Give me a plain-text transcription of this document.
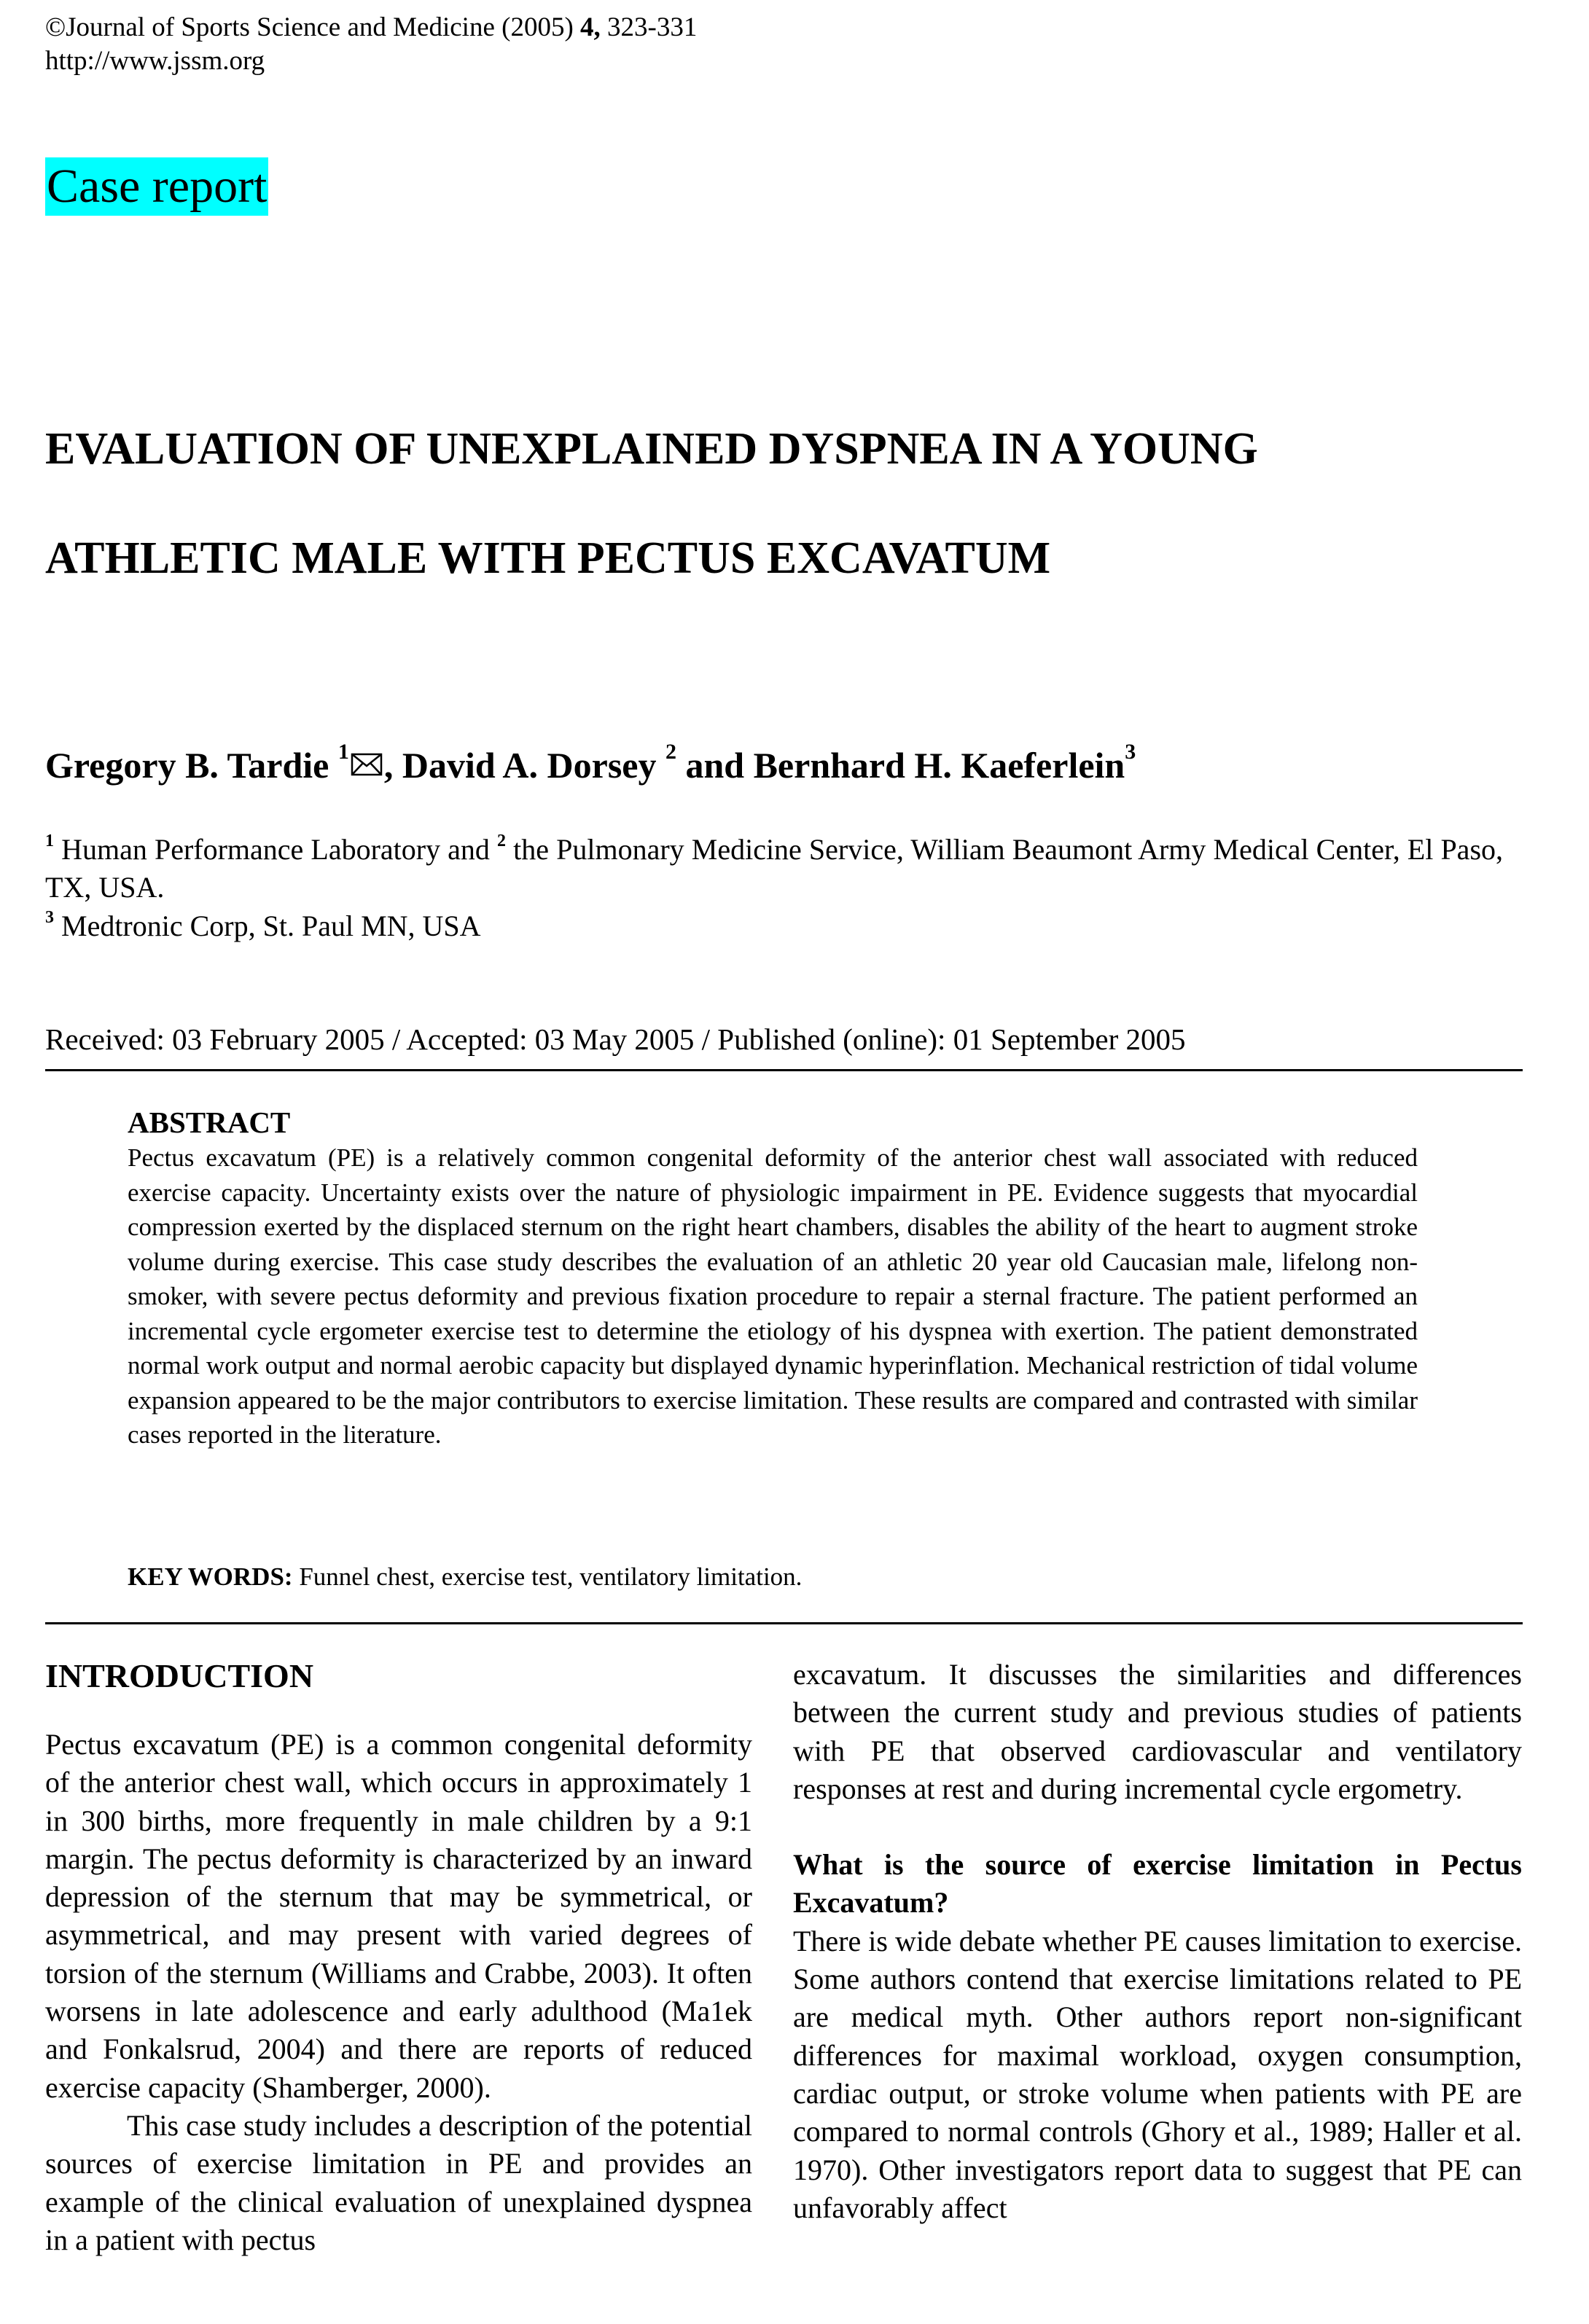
©Journal of Sports Science and Medicine (2005) 4, 323-331
http://www.jssm.org
Case report
EVALUATION OF UNEXPLAINED DYSPNEA IN A YOUNG
ATHLETIC MALE WITH PECTUS EXCAVATUM
Gregory B. Tardie $^1$ , David A. Dorsey $^2$ and Bernhard H. Kaeferlein$^3$
$^1$ Human Performance Laboratory and $^2$ the Pulmonary Medicine Service, William Beaumont Army Medical Center, El Paso, TX, USA.
$^3$ Medtronic Corp, St. Paul MN, USA
Received: 03 February 2005 / Accepted: 03 May 2005 / Published (online): 01 September 2005
ABSTRACT
Pectus excavatum (PE) is a relatively common congenital deformity of the anterior chest wall associated with reduced exercise capacity. Uncertainty exists over the nature of physiologic impairment in PE. Evidence suggests that myocardial compression exerted by the displaced sternum on the right heart chambers, disables the ability of the heart to augment stroke volume during exercise. This case study describes the evaluation of an athletic 20 year old Caucasian male, lifelong non-smoker, with severe pectus deformity and previous fixation procedure to repair a sternal fracture. The patient performed an incremental cycle ergometer exercise test to determine the etiology of his dyspnea with exertion. The patient demonstrated normal work output and normal aerobic capacity but displayed dynamic hyperinflation. Mechanical restriction of tidal volume expansion appeared to be the major contributors to exercise limitation. These results are compared and contrasted with similar cases reported in the literature.
KEY WORDS: Funnel chest, exercise test, ventilatory limitation.
INTRODUCTION

Pectus excavatum (PE) is a common congenital deformity of the anterior chest wall, which occurs in approximately 1 in 300 births, more frequently in male children by a 9:1 margin. The pectus deformity is characterized by an inward depression of the sternum that may be symmetrical, or asymmetrical, and may present with varied degrees of torsion of the sternum (Williams and Crabbe, 2003). It often worsens in late adolescence and early adulthood (Ma1ek and Fonkalsrud, 2004) and there are reports of reduced exercise capacity (Shamberger, 2000).

This case study includes a description of the potential sources of exercise limitation in PE and provides an example of the clinical evaluation of unexplained dyspnea in a patient with pectus

excavatum. It discusses the similarities and differences between the current study and previous studies of patients with PE that observed cardiovascular and ventilatory responses at rest and during incremental cycle ergometry.

What is the source of exercise limitation in Pectus Excavatum?

There is wide debate whether PE causes limitation to exercise. Some authors contend that exercise limitations related to PE are medical myth. Other authors report non-significant differences for maximal workload, oxygen consumption, cardiac output, or stroke volume when patients with PE are compared to normal controls (Ghory et al., 1989; Haller et al. 1970). Other investigators report data to suggest that PE can unfavorably affect
